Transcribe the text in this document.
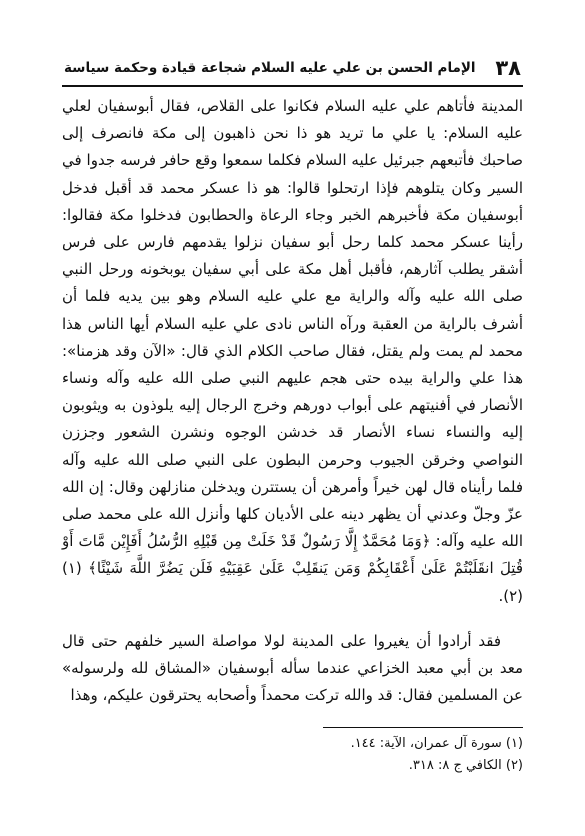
٣٨
الإمام الحسن بن علي عليه السلام شجاعة قيادة وحكمة سياسة

المدينة فأتاهم علي عليه السلام فكانوا على القلاص، فقال أبوسفيان لعلي عليه السلام: يا علي ما تريد هو ذا نحن ذاهبون إلى مكة فانصرف إلى صاحبك فأتبعهم جبرئيل عليه السلام فكلما سمعوا وقع حافر فرسه جدوا في السير وكان يتلوهم فإذا ارتحلوا قالوا: هو ذا عسكر محمد قد أقبل فدخل أبوسفيان مكة فأخبرهم الخبر وجاء الرعاة والحطابون فدخلوا مكة فقالوا: رأينا عسكر محمد كلما رحل أبو سفيان نزلوا يقدمهم فارس على فرس أشقر يطلب آثارهم، فأقبل أهل مكة على أبي سفيان يوبخونه ورحل النبي صلى الله عليه وآله والراية مع علي عليه السلام وهو بين يديه فلما أن أشرف بالراية من العقبة ورآه الناس نادى علي عليه السلام أيها الناس هذا محمد لم يمت ولم يقتل، فقال صاحب الكلام الذي قال: «الآن وقد هزمنا»: هذا علي والراية بيده حتى هجم عليهم النبي صلى الله عليه وآله ونساء الأنصار في أفنيتهم على أبواب دورهم وخرج الرجال إليه يلوذون به ويثوبون إليه والنساء نساء الأنصار قد خدشن الوجوه ونشرن الشعور وجززن النواصي وخرقن الجيوب وحرمن البطون على النبي صلى الله عليه وآله فلما رأيناه قال لهن خيراً وأمرهن أن يستترن ويدخلن منازلهن وقال: إن الله عزّ وجلّ وعدني أن يظهر دينه على الأديان كلها وأنزل الله على محمد صلى الله عليه وآله: ﴿وَمَا مُحَمَّدٌ إِلَّا رَسُولٌ قَدْ خَلَتْ مِن قَبْلِهِ الرُّسُلُ أَفَإِيْن مَّاتَ أَوْ قُتِلَ انقَلَبْتُمْ عَلَىٰ أَعْقَابِكُمْ وَمَن يَنقَلِبْ عَلَىٰ عَقِبَيْهِ فَلَن يَضُرَّ اللَّهَ شَيْئًا﴾ (١) (٢).

فقد أرادوا أن يغيروا على المدينة لولا مواصلة السير خلفهم حتى قال معد بن أبي معبد الخزاعي عندما سأله أبوسفيان «المشاق لله ولرسوله» عن المسلمين فقال: قد والله تركت محمداً وأصحابه يحترقون عليكم، وهذا

(١) سورة آل عمران، الآية: ١٤٤.
(٢) الكافي ج ٨: ٣١٨.
